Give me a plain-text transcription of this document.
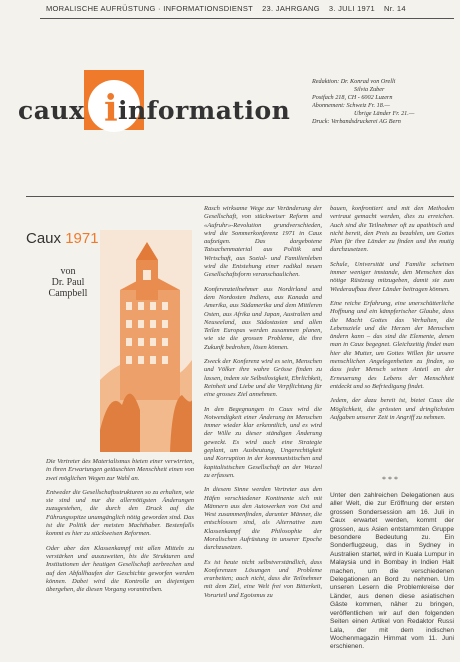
MORALISCHE AUFRÜSTUNG · INFORMATIONSDIENST 23. JAHRGANG 3. JULI 1971 Nr. 14
i
caux information
Redaktion: Dr. Konrad von Orelli
Silvia Zuber
Postfach 218, CH - 6002 Luzern
Abonnement: Schweiz Fr. 18.—
Übrige Länder Fr. 21.—
Druck: Verbandsdruckerei AG Bern
Caux 1971
von
Dr. Paul Campbell

Die Vertreter des Materialismus bieten einer verwirrten, in ihren Erwartungen getäuschten Menschheit einen von zwei möglichen Wegen zur Wahl an.

Entweder die Gesellschaftsstrukturen so zu erhalten, wie sie sind und nur die allernötigsten Änderungen zuzugestehen, die durch den Druck auf die Führungsspitze unumgänglich nötig geworden sind. Das ist die Politik der meisten Machthaber. Bestenfalls kommt es hier zu stückweisen Reformen.

Oder aber den Klassenkampf mit allen Mitteln zu verstärken und auszuweiten, bis die Strukturen und Institutionen der heutigen Gesellschaft zerbrechen und auf den Abfallhaufen der Geschichte geworfen werden können. Dabei wird die Kontrolle an diejenigen übergehen, die diesen Vorgang vorantreiben.

Rasch wirksame Wege zur Veränderung der Gesellschaft, von stückweiser Reform und «Aufruhr»-Revolution grundverschieden, wird die Sommerkonferenz 1971 in Caux aufzeigen. Das dargebotene Tatsachenmaterial aus Politik und Wirtschaft, aus Sozial- und Familienleben wird die Entstehung einer radikal neuen Gesellschaftsform veranschaulichen.

Konferenzteilnehmer aus Nordirland und dem Nordosten Indiens, aus Kanada und Amerika, aus Südamerika und dem Mittleren Osten, aus Afrika und Japan, Australien und Neuseeland, aus Südostasien und allen Teilen Europas werden zusammen planen, wie sie die grossen Probleme, die ihre Zukunft bedrohen, lösen können.

Zweck der Konferenz wird es sein, Menschen und Völker ihre wahre Grösse finden zu lassen, indem sie Selbstlosigkeit, Ehrlichkeit, Reinheit und Liebe und die Verpflichtung für eine grosses Ziel annehmen.

In den Begegnungen in Caux wird die Notwendigkeit einer Änderung im Menschen immer wieder klar erkenntlich, und es wird der Wille zu dieser ständigen Änderung geweckt. Es wird auch eine Strategie geplant, um Ausbeutung, Ungerechtigkeit und Korruption in der kommunistischen und kapitalistischen Gesellschaft an der Wurzel zu erfassen.

In diesem Sinne werden Vertreter aus den Häfen verschiedener Kontinente sich mit Männern aus den Autowerken von Ost und West zusammenfinden, darunter Männer, die entschlossen sind, als Alternative zum Klassenkampf die Philosophie der Moralischen Aufrüstung in unserer Epoche durchzusetzen.

Es ist heute nicht selbstverständlich, dass Konferenzen Lösungen und Probleme erarbeiten; auch nicht, dass die Teilnehmer mit dem Ziel, eine Welt frei von Bitterkeit, Vorurteil und Egoismus zu

bauen, konfrontiert und mit den Methoden vertraut gemacht werden, dies zu erreichen. Auch sind die Teilnehmer oft zu apathisch und nicht bereit, den Preis zu bezahlen, um Gottes Plan für ihre Länder zu finden und ihn mutig durchzusetzen.

Schule, Universität und Familie scheinen immer weniger imstande, den Menschen das nötige Rüstzeug mitzugeben, damit sie zum Wiederaufbau ihrer Länder beitragen können.

Eine reiche Erfahrung, eine unerschütterliche Hoffnung und ein kämpferischer Glaube, dass die Macht Gottes das Verhalten, die Lebensziele und die Herzen der Menschen ändern kann – das sind die Elemente, denen man in Caux begegnet. Gleichzeitig findet man hier die Mutter, um Gottes Willen für unsere menschlichen Angelegenheiten zu finden, so dass jeder Mensch seinen Anteil an der Erneuerung des Lebens der Menschheit entdeckt und so Befriedigung findet.

Jedem, der dazu bereit ist, bietet Caux die Möglichkeit, die grössten und dringlichsten Aufgaben unserer Zeit in Angriff zu nehmen.

* * *

Unter den zahlreichen Delegationen aus aller Welt, die zur Eröffnung der ersten grossen Sondersession am 16. Juli in Caux erwartet werden, kommt der grossen, aus Asien entstammten Gruppe besondere Bedeutung zu. Ein Sonderflugzeug, das in Sydney in Australien startet, wird in Kuala Lumpur in Malaysia und in Bombay in Indien Halt machen, um die verschiedenen Delegationen an Bord zu nehmen. Um unseren Lesern die Problemkreise der Länder, aus denen diese asiatischen Gäste kommen, näher zu bringen, veröffentlichen wir auf den folgenden Seiten einen Artikel von Redaktor Russi Lala, der mit dem indischen Wochenmagazin Himmat vom 11. Juni erschienen.
